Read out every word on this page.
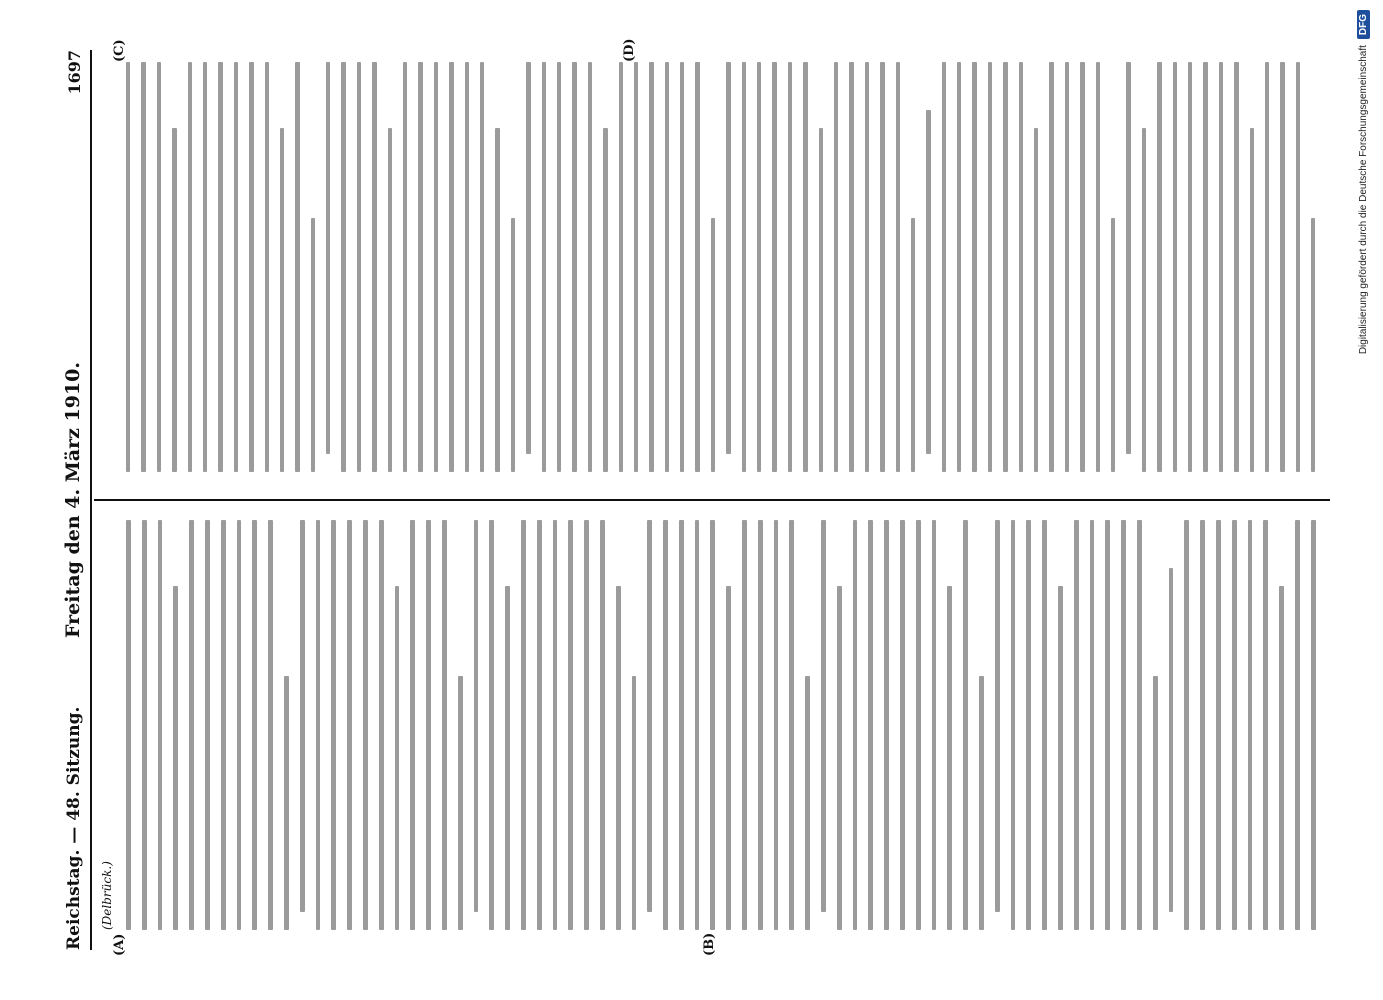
Reichstag. — 48. Sitzung.
Freitag den 4. März 1910.
1697
(A)	(B)
(C)	(D)
(Delbrück.)
Digitalisierung gefördert durch die Deutsche Forschungsgemeinschaft
DFG
